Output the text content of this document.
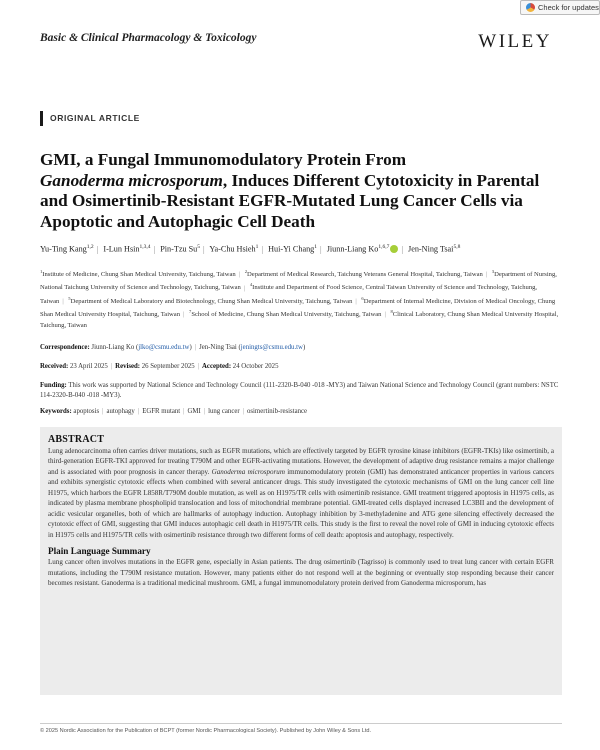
Check for updates
Basic & Clinical Pharmacology & Toxicology	WILEY
ORIGINAL ARTICLE
GMI, a Fungal Immunomodulatory Protein From
Ganoderma microsporum, Induces Different Cytotoxicity in Parental and Osimertinib-Resistant EGFR-Mutated Lung Cancer Cells via Apoptotic and Autophagic Cell Death
Yu-Ting Kang$^{1,2}$ | I-Lun Hsin$^{1,3,4}$ | Pin-Tzu Su$^5$ | Ya-Chu Hsieh$^1$ | Hui-Yi Chang$^1$ | Jiunn-Liang Ko$^{1,6,7}$ | Jen-Ning Tsai$^{5,8}$
$^1$Institute of Medicine, Chung Shan Medical University, Taichung, Taiwan | $^2$Department of Medical Research, Taichung Veterans General Hospital, Taichung, Taiwan | $^3$Department of Nursing, National Taichung University of Science and Technology, Taichung, Taiwan | $^4$Institute and Department of Food Science, Central Taiwan University of Science and Technology, Taichung, Taiwan | $^5$Department of Medical Laboratory and Biotechnology, Chung Shan Medical University, Taichung, Taiwan | $^6$Department of Internal Medicine, Division of Medical Oncology, Chung Shan Medical University Hospital, Taichung, Taiwan | $^7$School of Medicine, Chung Shan Medical University, Taichung, Taiwan | $^8$Clinical Laboratory, Chung Shan Medical University Hospital, Taichung, Taiwan
Correspondence: Jiunn-Liang Ko (jlko@csmu.edu.tw) | Jen-Ning Tsai (jeningts@csmu.edu.tw)
Received: 23 April 2025 | Revised: 26 September 2025 | Accepted: 24 October 2025
Funding: This work was supported by National Science and Technology Council (111-2320-B-040 -018 -MY3) and Taiwan National Science and Technology Council (grant numbers: NSTC 114-2320-B-040 -018 -MY3).
Keywords: apoptosis | autophagy | EGFR mutant | GMI | lung cancer | osimertinib-resistance
ABSTRACT

Lung adenocarcinoma often carries driver mutations, such as EGFR mutations, which are effectively targeted by EGFR tyrosine kinase inhibitors (EGFR-TKIs) like osimertinib, a third-generation EGFR-TKI approved for treating T790M and other EGFR-activating mutations. However, the development of adaptive drug resistance remains a major challenge and is associated with poor prognosis in cancer therapy. Ganoderma microsporum immunomodulatory protein (GMI) has demonstrated anticancer properties in various cancers and exhibits synergistic cytotoxic effects when combined with several anticancer drugs. This study investigated the cytotoxic mechanisms of GMI on the lung cancer cell line H1975, which harbors the EGFR L858R/T790M double mutation, as well as on H1975/TR cells with osimertinib resistance. GMI treatment triggered apoptosis in H1975 cells, as indicated by plasma membrane phospholipid translocation and loss of mitochondrial membrane potential. GMI-treated cells displayed increased LC3BII and the development of acidic vesicular organelles, both of which are hallmarks of autophagy induction. Autophagy inhibition by 3-methyladenine and ATG gene silencing effectively decreased the cytotoxic effect of GMI, suggesting that GMI induces autophagic cell death in H1975/TR cells. This study is the first to reveal the novel role of GMI in inducing cytotoxic effects in H1975 cells and H1975/TR cells with osimertinib resistance through two different forms of cell death: apoptosis and autophagy, respectively.

Plain Language Summary

Lung cancer often involves mutations in the EGFR gene, especially in Asian patients. The drug osimertinib (Tagrisso) is commonly used to treat lung cancer with certain EGFR mutations, including the T790M resistance mutation. However, many patients either do not respond well at the beginning or eventually stop responding because their cancer becomes resistant. Ganoderma is a traditional medicinal mushroom. GMI, a fungal immunomodulatory protein derived from Ganoderma microsporum, has

© 2025 Nordic Association for the Publication of BCPT (former Nordic Pharmacological Society). Published by John Wiley & Sons Ltd.
